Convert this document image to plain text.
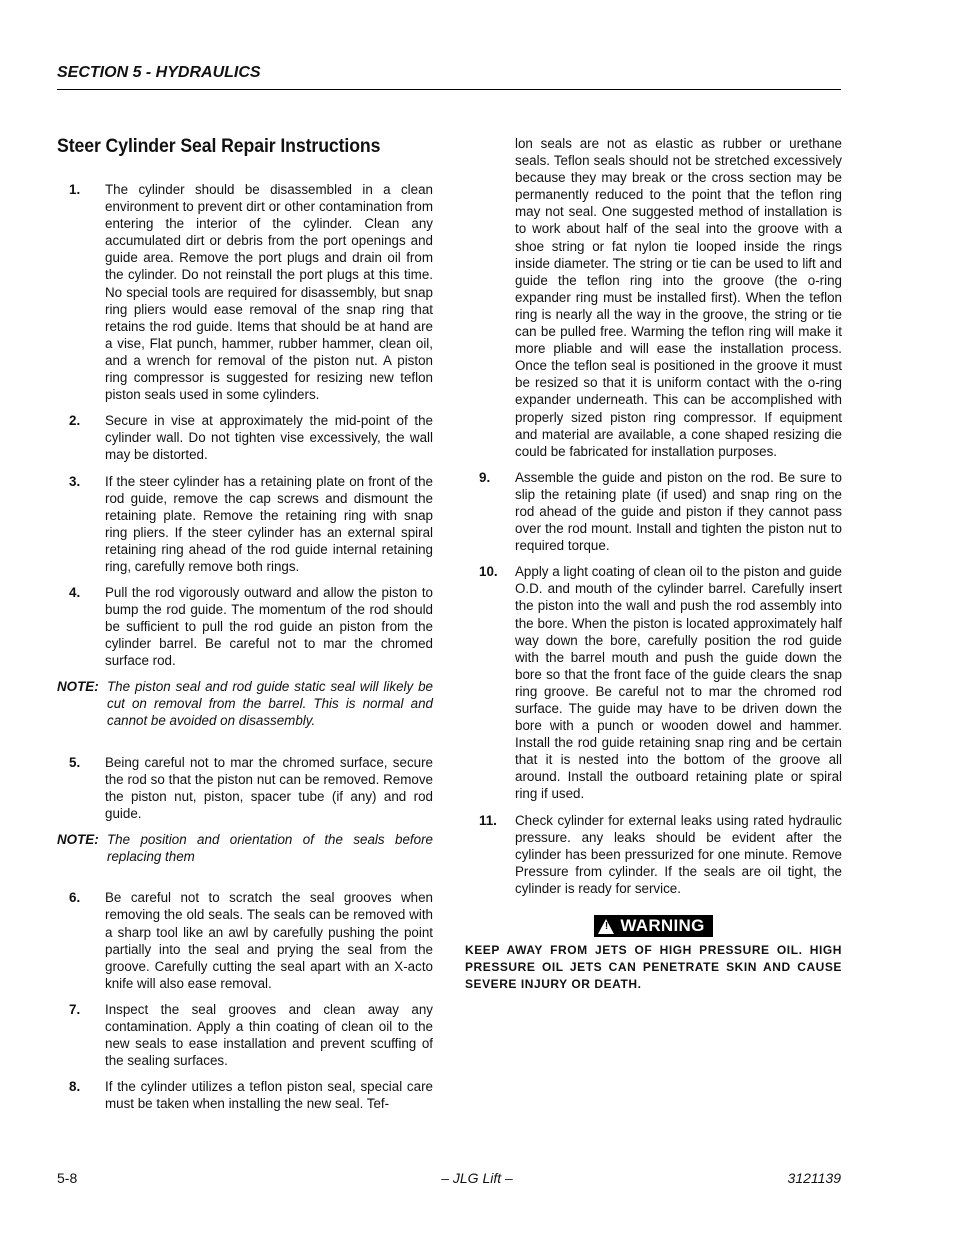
SECTION 5 - HYDRAULICS
Steer Cylinder Seal Repair Instructions
1.	The cylinder should be disassembled in a clean environment to prevent dirt or other contamination from entering the interior of the cylinder. Clean any accumulated dirt or debris from the port openings and guide area. Remove the port plugs and drain oil from the cylinder. Do not reinstall the port plugs at this time. No special tools are required for disassembly, but snap ring pliers would ease removal of the snap ring that retains the rod guide. Items that should be at hand are a vise, Flat punch, hammer, rubber hammer, clean oil, and a wrench for removal of the piston nut. A piston ring compressor is suggested for resizing new teflon piston seals used in some cylinders.
2.	Secure in vise at approximately the mid-point of the cylinder wall. Do not tighten vise excessively, the wall may be distorted.
3.	If the steer cylinder has a retaining plate on front of the rod guide, remove the cap screws and dismount the retaining plate. Remove the retaining ring with snap ring pliers. If the steer cylinder has an external spiral retaining ring ahead of the rod guide internal retaining ring, carefully remove both rings.
4.	Pull the rod vigorously outward and allow the piston to bump the rod guide. The momentum of the rod should be sufficient to pull the rod guide an piston from the cylinder barrel. Be careful not to mar the chromed surface rod.
NOTE: The piston seal and rod guide static seal will likely be cut on removal from the barrel. This is normal and cannot be avoided on disassembly.
5.	Being careful not to mar the chromed surface, secure the rod so that the piston nut can be removed. Remove the piston nut, piston, spacer tube (if any) and rod guide.
NOTE: The position and orientation of the seals before replacing them
6.	Be careful not to scratch the seal grooves when removing the old seals. The seals can be removed with a sharp tool like an awl by carefully pushing the point partially into the seal and prying the seal from the groove. Carefully cutting the seal apart with an X-acto knife will also ease removal.
7.	Inspect the seal grooves and clean away any contamination. Apply a thin coating of clean oil to the new seals to ease installation and prevent scuffing of the sealing surfaces.
8.	If the cylinder utilizes a teflon piston seal, special care must be taken when installing the new seal. Tef-
lon seals are not as elastic as rubber or urethane seals. Teflon seals should not be stretched excessively because they may break or the cross section may be permanently reduced to the point that the teflon ring may not seal. One suggested method of installation is to work about half of the seal into the groove with a shoe string or fat nylon tie looped inside the rings inside diameter. The string or tie can be used to lift and guide the teflon ring into the groove (the o-ring expander ring must be installed first). When the teflon ring is nearly all the way in the groove, the string or tie can be pulled free. Warming the teflon ring will make it more pliable and will ease the installation process. Once the teflon seal is positioned in the groove it must be resized so that it is uniform contact with the o-ring expander underneath. This can be accomplished with properly sized piston ring compressor. If equipment and material are available, a cone shaped resizing die could be fabricated for installation purposes.
9.	Assemble the guide and piston on the rod. Be sure to slip the retaining plate (if used) and snap ring on the rod ahead of the guide and piston if they cannot pass over the rod mount. Install and tighten the piston nut to required torque.
10.	Apply a light coating of clean oil to the piston and guide O.D. and mouth of the cylinder barrel. Carefully insert the piston into the wall and push the rod assembly into the bore. When the piston is located approximately half way down the bore, carefully position the rod guide with the barrel mouth and push the guide down the bore so that the front face of the guide clears the snap ring groove. Be careful not to mar the chromed rod surface. The guide may have to be driven down the bore with a punch or wooden dowel and hammer. Install the rod guide retaining snap ring and be certain that it is nested into the bottom of the groove all around. Install the outboard retaining plate or spiral ring if used.
11.	Check cylinder for external leaks using rated hydraulic pressure. any leaks should be evident after the cylinder has been pressurized for one minute. Remove Pressure from cylinder. If the seals are oil tight, the cylinder is ready for service.
! WARNING
KEEP AWAY FROM JETS OF HIGH PRESSURE OIL. HIGH PRESSURE OIL JETS CAN PENETRATE SKIN AND CAUSE SEVERE INJURY OR DEATH.
5-8	– JLG Lift –	3121139
